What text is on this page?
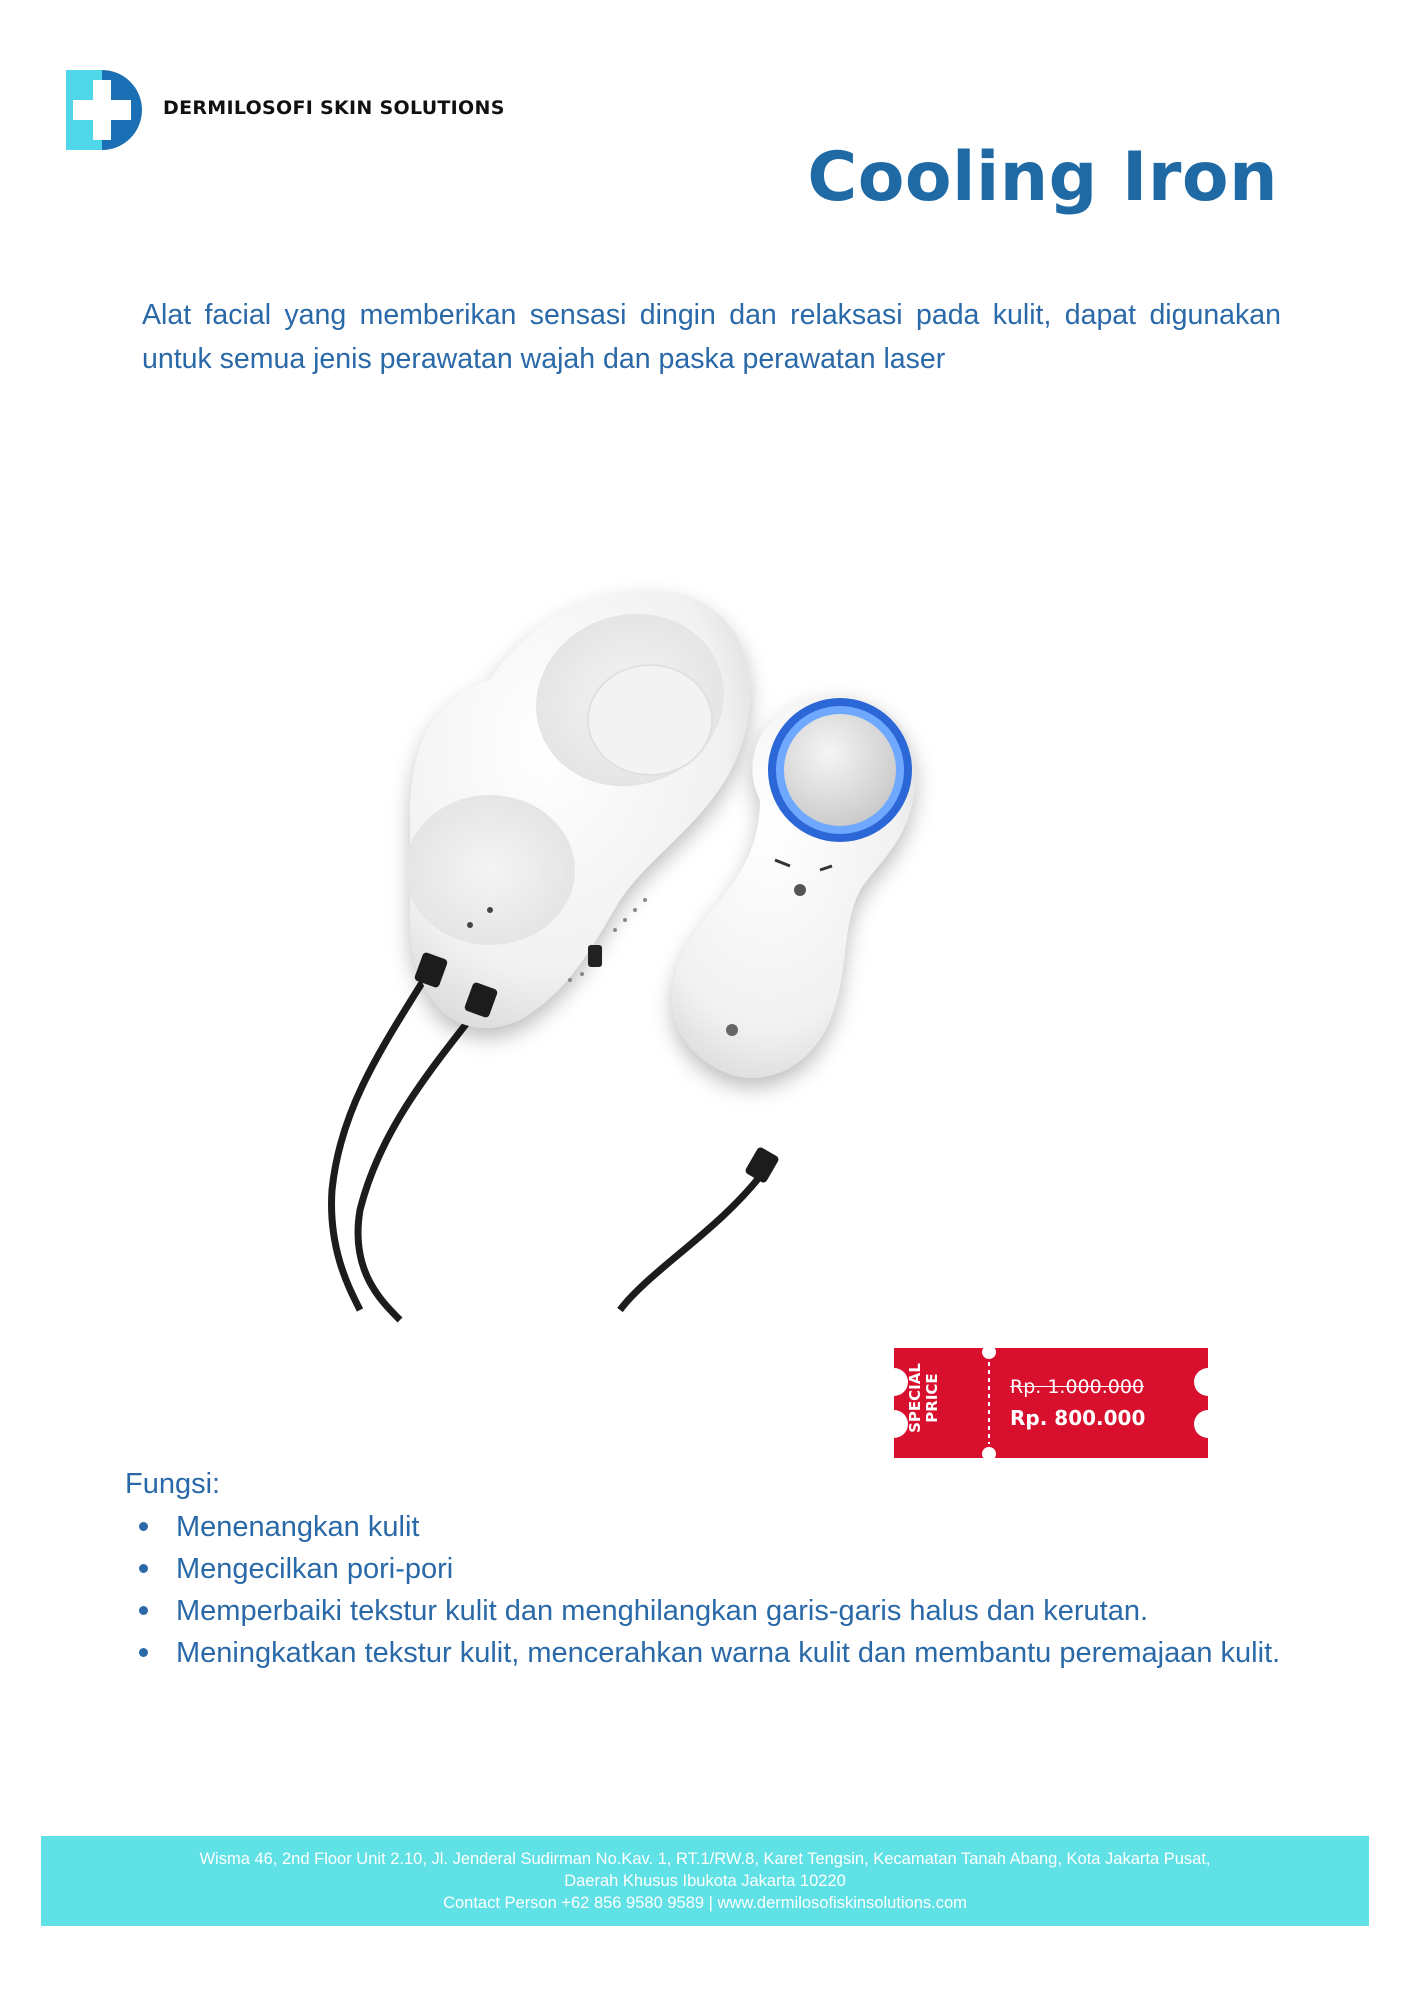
DERMILOSOFI SKIN SOLUTIONS
Cooling Iron
Alat facial yang memberikan sensasi dingin dan relaksasi pada kulit, dapat digunakan untuk semua jenis perawatan wajah dan paska perawatan laser
SPECIAL PRICE	Rp. 1.000.000
Rp. 800.000
Fungsi:
Menenangkan kulit
Mengecilkan pori-pori
Memperbaiki tekstur kulit dan menghilangkan garis-garis halus dan kerutan.
Meningkatkan tekstur kulit, mencerahkan warna kulit dan membantu peremajaan kulit.
Wisma 46, 2nd Floor Unit 2.10, Jl. Jenderal Sudirman No.Kav. 1, RT.1/RW.8, Karet Tengsin, Kecamatan Tanah Abang, Kota Jakarta Pusat,
Daerah Khusus Ibukota Jakarta 10220
Contact Person +62 856 9580 9589 | www.dermilosofiskinsolutions.com
